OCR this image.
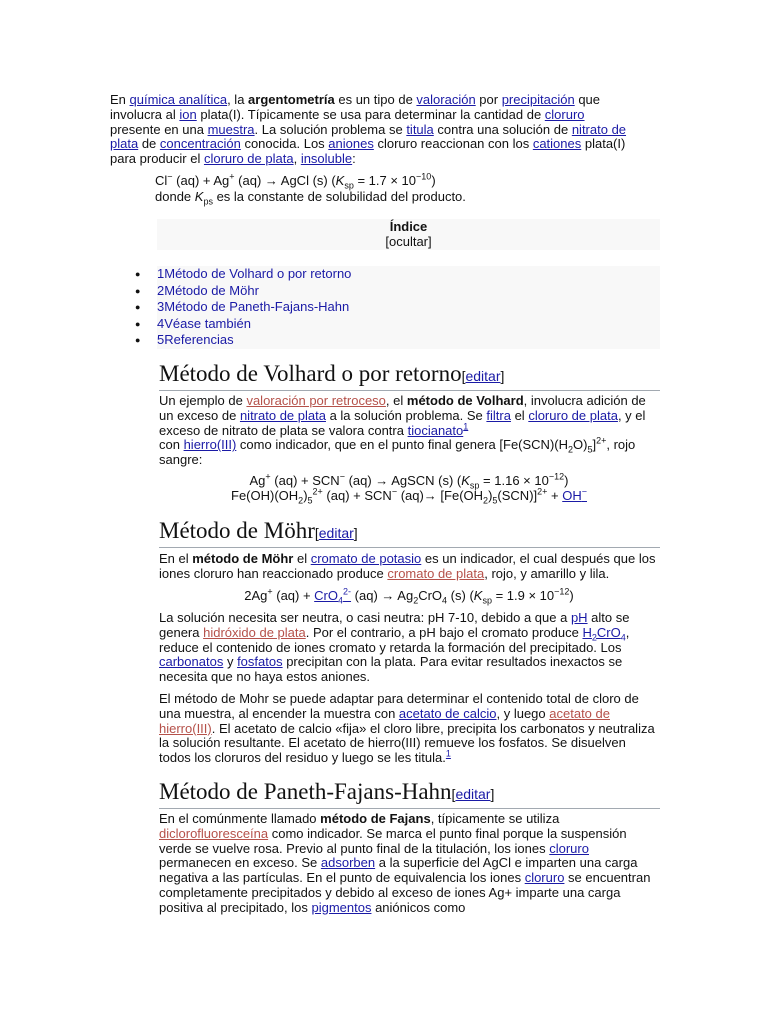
En química analítica, la argentometría es un tipo de valoración por precipitación que involucra al ion plata(I). Típicamente se usa para determinar la cantidad de cloruro presente en una muestra. La solución problema se titula contra una solución de nitrato de plata de concentración conocida. Los aniones cloruro reaccionan con los cationes plata(I) para producir el cloruro de plata, insoluble:

Cl− (aq) + Ag+ (aq) → AgCl (s) $(K_{sp} = 1.7 \times 10^{-10})$

donde $K_{ps}$ es la constante de solubilidad del producto.

Índice
[ocultar]
● 1Método de Volhard o por retorno
● 2Método de Möhr
● 3Método de Paneth-Fajans-Hahn
● 4Véase también
● 5Referencias
Método de Volhard o por retorno[editar]

Un ejemplo de valoración por retroceso, el método de Volhard, involucra adición de un exceso de nitrato de plata a la solución problema. Se filtra el cloruro de plata, y el exceso de nitrato de plata se valora contra tiocianato$^1$
con hierro(III) como indicador, que en el punto final genera $[Fe(SCN)(H_2O)_5]^{2+}$, rojo sangre:

Ag+ (aq) + SCN− (aq) → AgSCN (s) $(K_{sp} = 1.16 \times 10^{-12})$

$Fe(OH)(OH_2)_5^{2+}$ (aq) + SCN− $(aq)\to [Fe(OH_2)_5(SCN)]^{2+} + OH^-$

Método de Möhr[editar]

En el método de Möhr el cromato de potasio es un indicador, el cual después que los iones cloruro han reaccionado produce cromato de plata, rojo, y amarillo y lila.

2Ag+ (aq) + CrO$_4^{2-}$ $(aq) \to Ag_2CrO_4$ (s) $(K_{sp} = 1.9 \times 10^{-12})$

La solución necesita ser neutra, o casi neutra: pH 7-10, debido a que a pH alto se genera hidróxido de plata. Por el contrario, a pH bajo el cromato produce $H_2CrO_4$, reduce el contenido de iones cromato y retarda la formación del precipitado. Los carbonatos y fosfatos precipitan con la plata. Para evitar resultados inexactos se necesita que no haya estos aniones.

El método de Mohr se puede adaptar para determinar el contenido total de cloro de una muestra, al encender la muestra con acetato de calcio, y luego acetato de hierro(III). El acetato de calcio «fija» el cloro libre, precipita los carbonatos y neutraliza la solución resultante. El acetato de hierro(III) remueve los fosfatos. Se disuelven todos los cloruros del residuo y luego se les titula.$^1$

Método de Paneth-Fajans-Hahn[editar]

En el comúnmente llamado método de Fajans, típicamente se utiliza diclorofluoresceína como indicador. Se marca el punto final porque la suspensión verde se vuelve rosa. Previo al punto final de la titulación, los iones cloruro permanecen en exceso. Se adsorben a la superficie del AgCl e imparten una carga negativa a las partículas. En el punto de equivalencia los iones cloruro se encuentran completamente precipitados y debido al exceso de iones Ag+ imparte una carga positiva al precipitado, los pigmentos aniónicos como
